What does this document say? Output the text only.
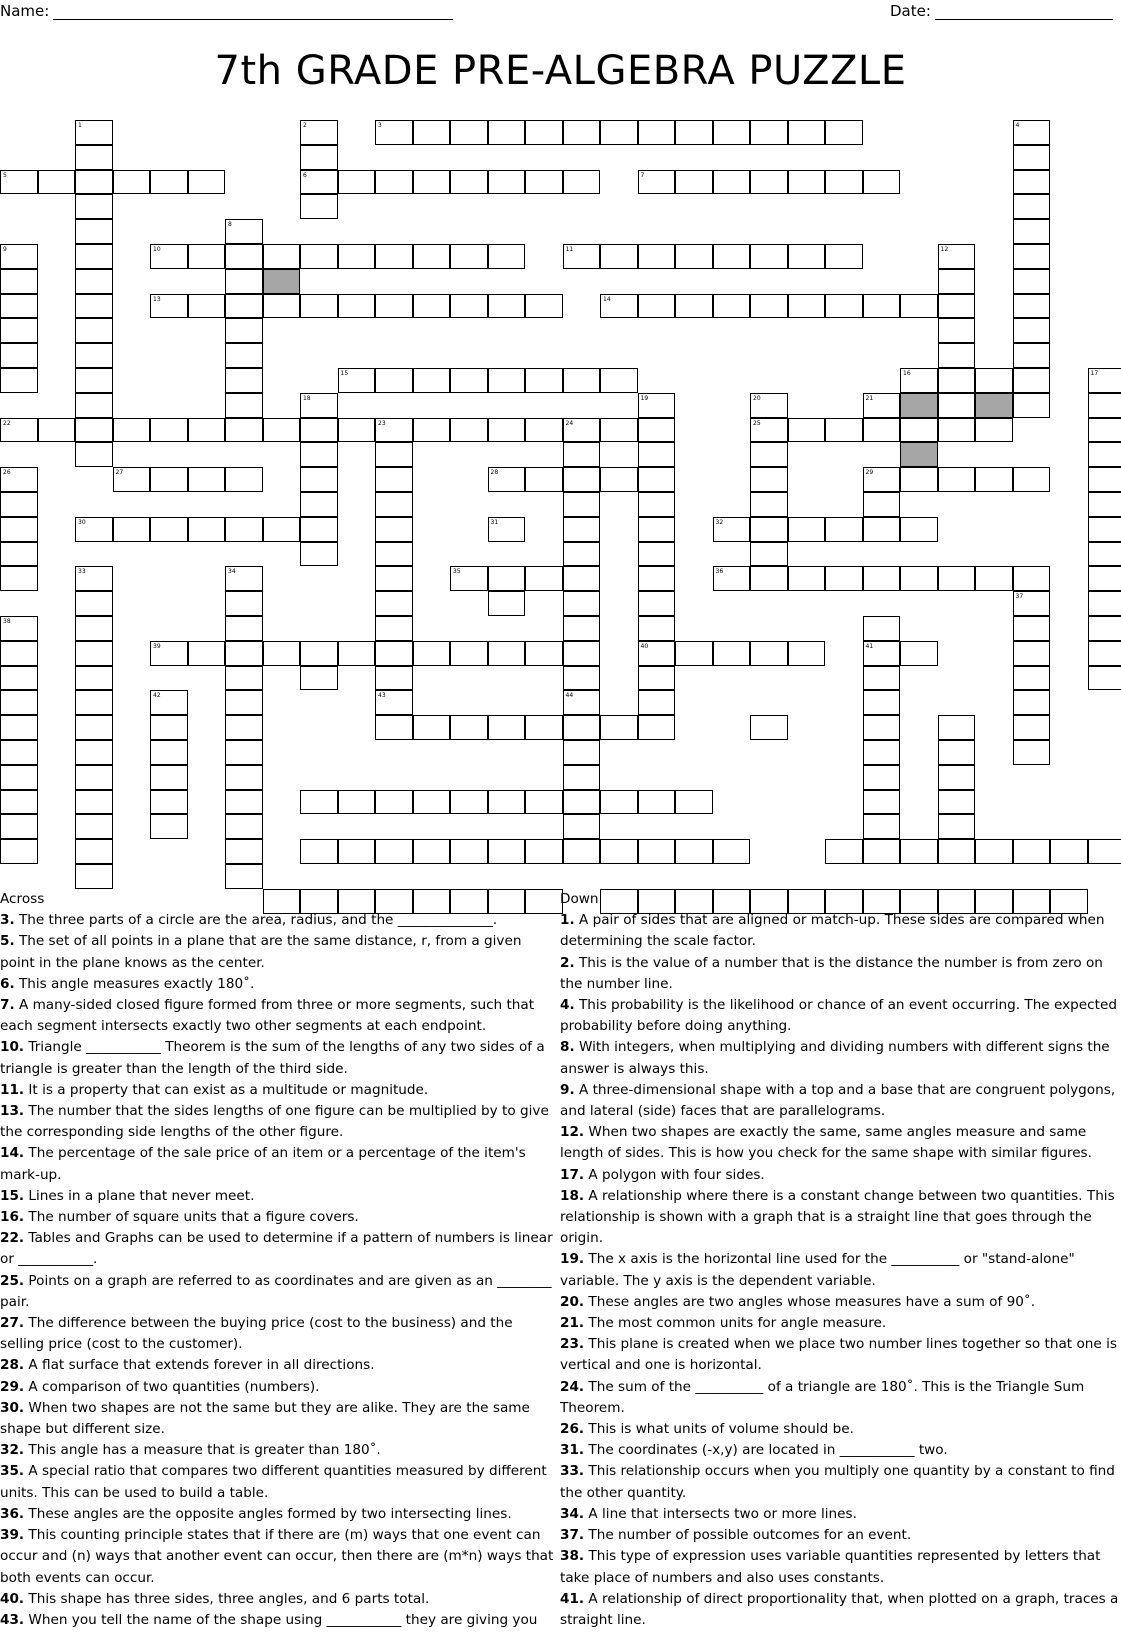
Name:	Date:
7th GRADE PRE-ALGEBRA PUZZLE
1	2	3	4
5	6	7
8
9	10	11	12
13	14
15	16	17
18	19	20	21
22	23	24	25
26	27	28	29
30	31	32
33	34	35	36
37
38
39	40	41
42	43	44
Across
3. The three parts of a circle are the area, radius, and the ______________.
5. The set of all points in a plane that are the same distance, r, from a given point in the plane knows as the center.
6. This angle measures exactly 180˚.
7. A many-sided closed figure formed from three or more segments, such that each segment intersects exactly two other segments at each endpoint.
10. Triangle ___________ Theorem is the sum of the lengths of any two sides of a triangle is greater than the length of the third side.
11. It is a property that can exist as a multitude or magnitude.
13. The number that the sides lengths of one figure can be multiplied by to give the corresponding side lengths of the other figure.
14. The percentage of the sale price of an item or a percentage of the item's mark-up.
15. Lines in a plane that never meet.
16. The number of square units that a figure covers.
22. Tables and Graphs can be used to determine if a pattern of numbers is linear or ___________.
25. Points on a graph are referred to as coordinates and are given as an ________ pair.
27. The difference between the buying price (cost to the business) and the selling price (cost to the customer).
28. A flat surface that extends forever in all directions.
29. A comparison of two quantities (numbers).
30. When two shapes are not the same but they are alike. They are the same shape but different size.
32. This angle has a measure that is greater than 180˚.
35. A special ratio that compares two different quantities measured by different units. This can be used to build a table.
36. These angles are the opposite angles formed by two intersecting lines.
39. This counting principle states that if there are (m) ways that one event can occur and (n) ways that another event can occur, then there are (m*n) ways that both events can occur.
40. This shape has three sides, three angles, and 6 parts total.
43. When you tell the name of the shape using ___________ they are giving you
Down
1. A pair of sides that are aligned or match-up. These sides are compared when determining the scale factor.
2. This is the value of a number that is the distance the number is from zero on the number line.
4. This probability is the likelihood or chance of an event occurring. The expected probability before doing anything.
8. With integers, when multiplying and dividing numbers with different signs the answer is always this.
9. A three-dimensional shape with a top and a base that are congruent polygons, and lateral (side) faces that are parallelograms.
12. When two shapes are exactly the same, same angles measure and same length of sides. This is how you check for the same shape with similar figures.
17. A polygon with four sides.
18. A relationship where there is a constant change between two quantities. This relationship is shown with a graph that is a straight line that goes through the origin.
19. The x axis is the horizontal line used for the __________ or "stand-alone" variable. The y axis is the dependent variable.
20. These angles are two angles whose measures have a sum of 90˚.
21. The most common units for angle measure.
23. This plane is created when we place two number lines together so that one is vertical and one is horizontal.
24. The sum of the __________ of a triangle are 180˚. This is the Triangle Sum Theorem.
26. This is what units of volume should be.
31. The coordinates (-x,y) are located in ___________ two.
33. This relationship occurs when you multiply one quantity by a constant to find the other quantity.
34. A line that intersects two or more lines.
37. The number of possible outcomes for an event.
38. This type of expression uses variable quantities represented by letters that take place of numbers and also uses constants.
41. A relationship of direct proportionality that, when plotted on a graph, traces a straight line.
